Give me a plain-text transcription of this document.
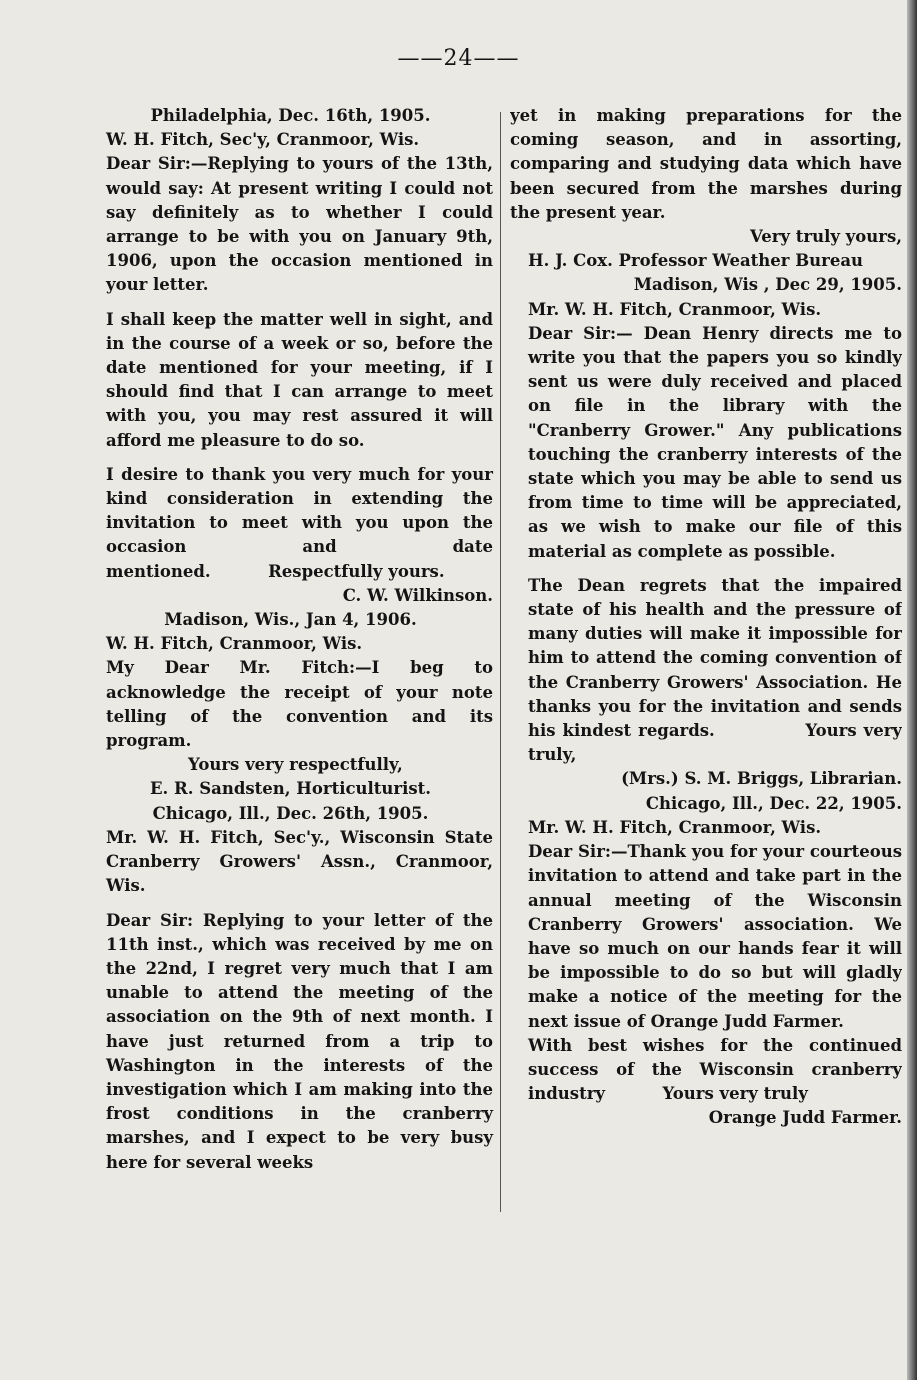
——24——

Philadelphia, Dec. 16th, 1905.

W. H. Fitch, Sec'y, Cranmoor, Wis.

Dear Sir:—Replying to yours of the 13th, would say: At present writing I could not say definitely as to whether I could arrange to be with you on January 9th, 1906, upon the occasion mentioned in your letter.

I shall keep the matter well in sight, and in the course of a week or so, before the date mentioned for your meeting, if I should find that I can arrange to meet with you, you may rest assured it will afford me pleasure to do so.

I desire to thank you very much for your kind consideration in extending the invitation to meet with you upon the occasion and date mentioned.	Respectfully yours.

C. W. Wilkinson.

Madison, Wis., Jan 4, 1906.

W. H. Fitch, Cranmoor, Wis.

My Dear Mr. Fitch:—I beg to acknowledge the receipt of your note telling of the convention and its program.

Yours very respectfully,

E. R. Sandsten, Horticulturist.

Chicago, Ill., Dec. 26th, 1905.

Mr. W. H. Fitch, Sec'y., Wisconsin State Cranberry Growers' Assn., Cranmoor, Wis.

Dear Sir: Replying to your letter of the 11th inst., which was received by me on the 22nd, I regret very much that I am unable to attend the meeting of the association on the 9th of next month. I have just returned from a trip to Washington in the interests of the investigation which I am making into the frost conditions in the cranberry marshes, and I expect to be very busy here for several weeks

yet in making preparations for the coming season, and in assorting, comparing and studying data which have been secured from the marshes during the present year.

Very truly yours,

H. J. Cox. Professor Weather Bureau

Madison, Wis , Dec 29, 1905.

Mr. W. H. Fitch, Cranmoor, Wis.

Dear Sir:— Dean Henry directs me to write you that the papers you so kindly sent us were duly received and placed on file in the library with the "Cranberry Grower." Any publications touching the cranberry interests of the state which you may be able to send us from time to time will be appreciated, as we wish to make our file of this material as complete as possible.

The Dean regrets that the impaired state of his health and the pressure of many duties will make it impossible for him to attend the coming convention of the Cranberry Growers' Association. He thanks you for the invitation and sends his kindest regards.	Yours very truly,

(Mrs.) S. M. Briggs, Librarian.

Chicago, Ill., Dec. 22, 1905.

Mr. W. H. Fitch, Cranmoor, Wis.

Dear Sir:—Thank you for your courteous invitation to attend and take part in the annual meeting of the Wisconsin Cranberry Growers' association. We have so much on our hands fear it will be impossible to do so but will gladly make a notice of the meeting for the next issue of Orange Judd Farmer.

With best wishes for the continued success of the Wisconsin cranberry industry	Yours very truly

Orange Judd Farmer.
